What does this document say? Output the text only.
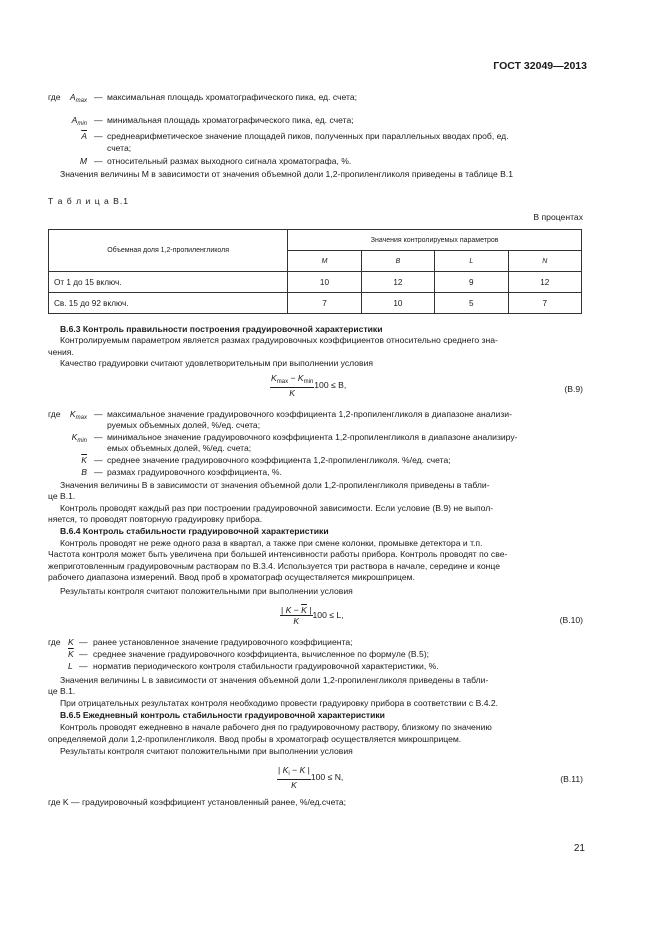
ГОСТ 32049—2013
где	$A_{max}$ — максимальная площадь хроматографического пика, ед. счета;
$A_{min}$ — минимальная площадь хроматографического пика, ед. счета;
$\overline{A}$ — среднеарифметическое значение площадей пиков, полученных при параллельных вводах проб, ед.
счета;
M — относительный размах выходного сигнала хроматографа, %.
Значения величины M в зависимости от значения объемной доли 1,2-пропиленгликоля приведены в таблице В.1
Т а б л и ц а В.1
В процентах
Объемная доля 1,2-пропиленгликоля	Значения контролируемых параметров			
	M	B	L	N
От 1 до 15 включ.	10	12	9	12
Св. 15 до 92 включ.	7	10	5	7
В.6.3 Контроль правильности построения градуировочной характеристики
Контролируемым параметром является размах градуировочных коэффициентов относительно среднего зна-
чения.
Качество градуировки считают удовлетворительным при выполнении условия
$\frac{K_{max} - K_{min}}{K} 100 \le B$,	(В.9)
где	$K_{max}$ — максимальное значение градуировочного коэффициента 1,2-пропиленгликоля в диапазоне анализи-
руемых объемных долей, %/ед. счета;
$K_{min}$ — минимальное значение градуировочного коэффициента 1,2-пропиленгликоля в диапазоне анализиру-
емых объемных долей, %/ед. счета;
$\overline{K}$ — среднее значение градуировочного коэффициента 1,2-пропиленгликоля. %/ед. счета;
B — размах градуировочного коэффициента, %.
Значения величины B в зависимости от значения объемной доли 1,2-пропиленгликоля приведены в табли-
це В.1.
Контроль проводят каждый раз при построении градуировочной зависимости. Если условие (В.9) не выпол-
няется, то проводят повторную градуировку прибора.
В.6.4 Контроль стабильности градуировочной характеристики
Контроль проводят не реже одного раза в квартал, а также при смене колонки, промывке детектора и т.п.
Частота контроля может быть увеличена при большей интенсивности работы прибора. Контроль проводят по све-
жеприготовленным градуировочным растворам по В.3.4. Используется три раствора в начале, середине и конце
рабочего диапазона измерений. Ввод проб в хроматограф осуществляется микрошприцем.
Результаты контроля считают положительными при выполнении условия
$\frac{| K - \overline{K} |}{K} 100 \le L$,
(В.10)
где K — ранее установленное значение градуировочного коэффициента;
$\overline{K}$ — среднее значение градуировочного коэффициента, вычисленное по формуле (В.5);
L — норматив периодического контроля стабильности градуировочной характеристики, %.
Значения величины L в зависимости от значения объемной доли 1,2-пропиленгликоля приведены в табли-
це В.1.
При отрицательных результатах контроля необходимо провести градуировку прибора в соответствии с В.4.2.
В.6.5 Ежедневный контроль стабильности градуировочной характеристики
Контроль проводят ежедневно в начале рабочего дня по градуировочному раствору, близкому по значению
определяемой доли 1,2-пропиленгликоля. Ввод пробы в хроматограф осуществляется микрошприцем.
Результаты контроля считают положительными при выполнении условия
$\frac{| K_i - K |}{K} 100 \le N$,	(В.11)
где K — градуировочный коэффициент установленный ранее, %/ед.счета;
21
